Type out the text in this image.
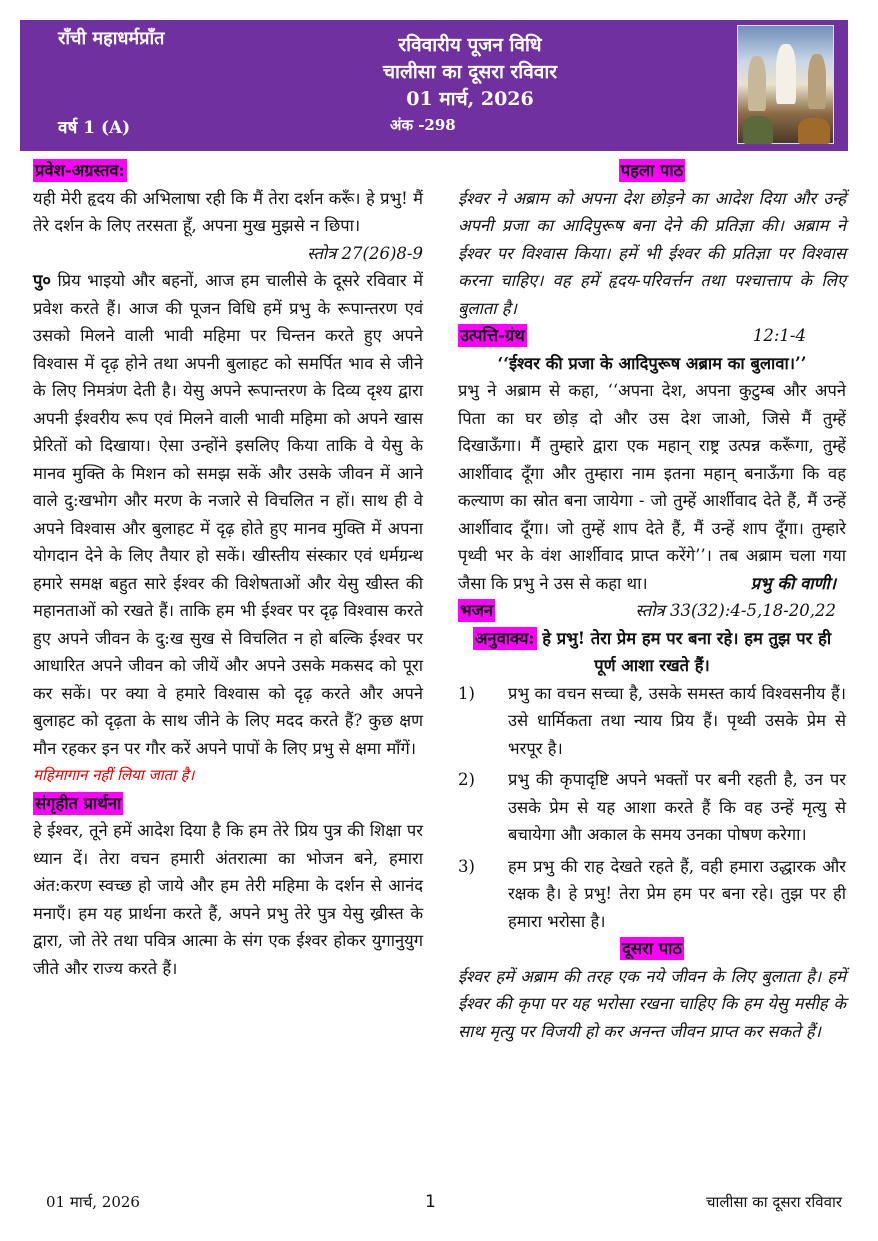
राँची महाधर्मप्राँत
वर्ष 1 (A)
रविवारीय पूजन विधि
चालीसा का दूसरा रविवार
01 मार्च, 2026
अंक -298
प्रवेश-अग्रस्तव:

यही मेरी हृदय की अभिलाषा रही कि मैं तेरा दर्शन करूँ। हे प्रभु! मैं तेरे दर्शन के लिए तरसता हूँ, अपना मुख मुझसे न छिपा।
स्तोत्र 27(26)8-9

पु० प्रिय भाइयो और बहनों, आज हम चालीसे के दूसरे रविवार में प्रवेश करते हैं। आज की पूजन विधि हमें प्रभु के रूपान्तरण एवं उसको मिलने वाली भावी महिमा पर चिन्तन करते हुए अपने विश्वास में दृढ़ होने तथा अपनी बुलाहट को समर्पित भाव से जीने के लिए निमत्रंण देती है। येसु अपने रूपान्तरण के दिव्य दृश्य द्वारा अपनी ईश्वरीय रूप एवं मिलने वाली भावी महिमा को अपने खास प्रेरितों को दिखाया। ऐसा उन्होंने इसलिए किया ताकि वे येसु के मानव मुक्ति के मिशन को समझ सकें और उसके जीवन में आने वाले दु:खभोग और मरण के नजारे से विचलित न हों। साथ ही वे अपने विश्वास और बुलाहट में दृढ़ होते हुए मानव मुक्ति में अपना योगदान देने के लिए तैयार हो सकें। खीस्तीय संस्कार एवं धर्मग्रन्थ हमारे समक्ष बहुत सारे ईश्वर की विशेषताओं और येसु खीस्त की महानताओं को रखते हैं। ताकि हम भी ईश्वर पर दृढ़ विश्वास करते हुए अपने जीवन के दु:ख सुख से विचलित न हो बल्कि ईश्वर पर आधारित अपने जीवन को जीयें और अपने उसके मकसद को पूरा कर सकें। पर क्या वे हमारे विश्वास को दृढ़ करते और अपने बुलाहट को दृढ़ता के साथ जीने के लिए मदद करते हैं? कुछ क्षण मौन रहकर इन पर गौर करें अपने पापों के लिए प्रभु से क्षमा माँगें।

महिमागान नहीं लिया जाता है।

संगृहीत प्रार्थना

हे ईश्वर, तूने हमें आदेश दिया है कि हम तेरे प्रिय पुत्र की शिक्षा पर ध्यान दें। तेरा वचन हमारी अंतरात्मा का भोजन बने, हमारा अंत:करण स्वच्छ हो जाये और हम तेरी महिमा के दर्शन से आनंद मनाएँ। हम यह प्रार्थना करते हैं, अपने प्रभु तेरे पुत्र येसु ख्रीस्त के द्वारा, जो तेरे तथा पवित्र आत्मा के संग एक ईश्वर होकर युगानुयुग जीते और राज्य करते हैं।

पहला पाठ

ईश्वर ने अब्राम को अपना देश छोड़ने का आदेश दिया और उन्हें अपनी प्रजा का आदिपुरूष बना देने की प्रतिज्ञा की। अब्राम ने ईश्वर पर विश्वास किया। हमें भी ईश्वर की प्रतिज्ञा पर विश्वास करना चाहिए। वह हमें हृदय-परिवर्त्तन तथा पश्चात्ताप के लिए बुलाता है।

उत्पत्ति-ग्रंथ	12:1-4

‘‘ईश्वर की प्रजा के आदिपुरूष अब्राम का बुलावा।’’

प्रभु ने अब्राम से कहा, ‘‘अपना देश, अपना कुटुम्ब और अपने पिता का घर छोड़ दो और उस देश जाओ, जिसे मैं तुम्हें दिखाऊँगा। मैं तुम्हारे द्वारा एक महान् राष्ट्र उत्पन्न करूँगा, तुम्हें आर्शीवाद दूँगा और तुम्हारा नाम इतना महान् बनाऊँगा कि वह कल्याण का स्रोत बना जायेगा - जो तुम्हें आर्शीवाद देते हैं, मैं उन्हें आर्शीवाद दूँगा। जो तुम्हें शाप देते हैं, मैं उन्हें शाप दूँगा। तुम्हारे पृथ्वी भर के वंश आर्शीवाद प्राप्त करेंगे’’। तब अब्राम चला गया जैसा कि प्रभु ने उस से कहा था।	प्रभु की वाणी।

भजन	स्तोत्र 33(32):4-5,18-20,22

अनुवाक्य: हे प्रभु! तेरा प्रेम हम पर बना रहे। हम तुझ पर ही पूर्ण आशा रखते हैं।

1)	प्रभु का वचन सच्चा है, उसके समस्त कार्य विश्वसनीय हैं। उसे धार्मिकता तथा न्याय प्रिय हैं। पृथ्वी उसके प्रेम से भरपूर है।

2)	प्रभु की कृपादृष्टि अपने भक्तों पर बनी रहती है, उन पर उसके प्रेम से यह आशा करते हैं कि वह उन्हें मृत्यु से बचायेगा औा अकाल के समय उनका पोषण करेगा।

3)	हम प्रभु की राह देखते रहते हैं, वही हमारा उद्धारक और रक्षक है। हे प्रभु! तेरा प्रेम हम पर बना रहे। तुझ पर ही हमारा भरोसा है।

दूसरा पाठ

ईश्वर हमें अब्राम की तरह एक नये जीवन के लिए बुलाता है। हमें ईश्वर की कृपा पर यह भरोसा रखना चाहिए कि हम येसु मसीह के साथ मृत्यु पर विजयी हो कर अनन्त जीवन प्राप्त कर सकते हैं।

01 मार्च, 2026	1	चालीसा का दूसरा रविवार
